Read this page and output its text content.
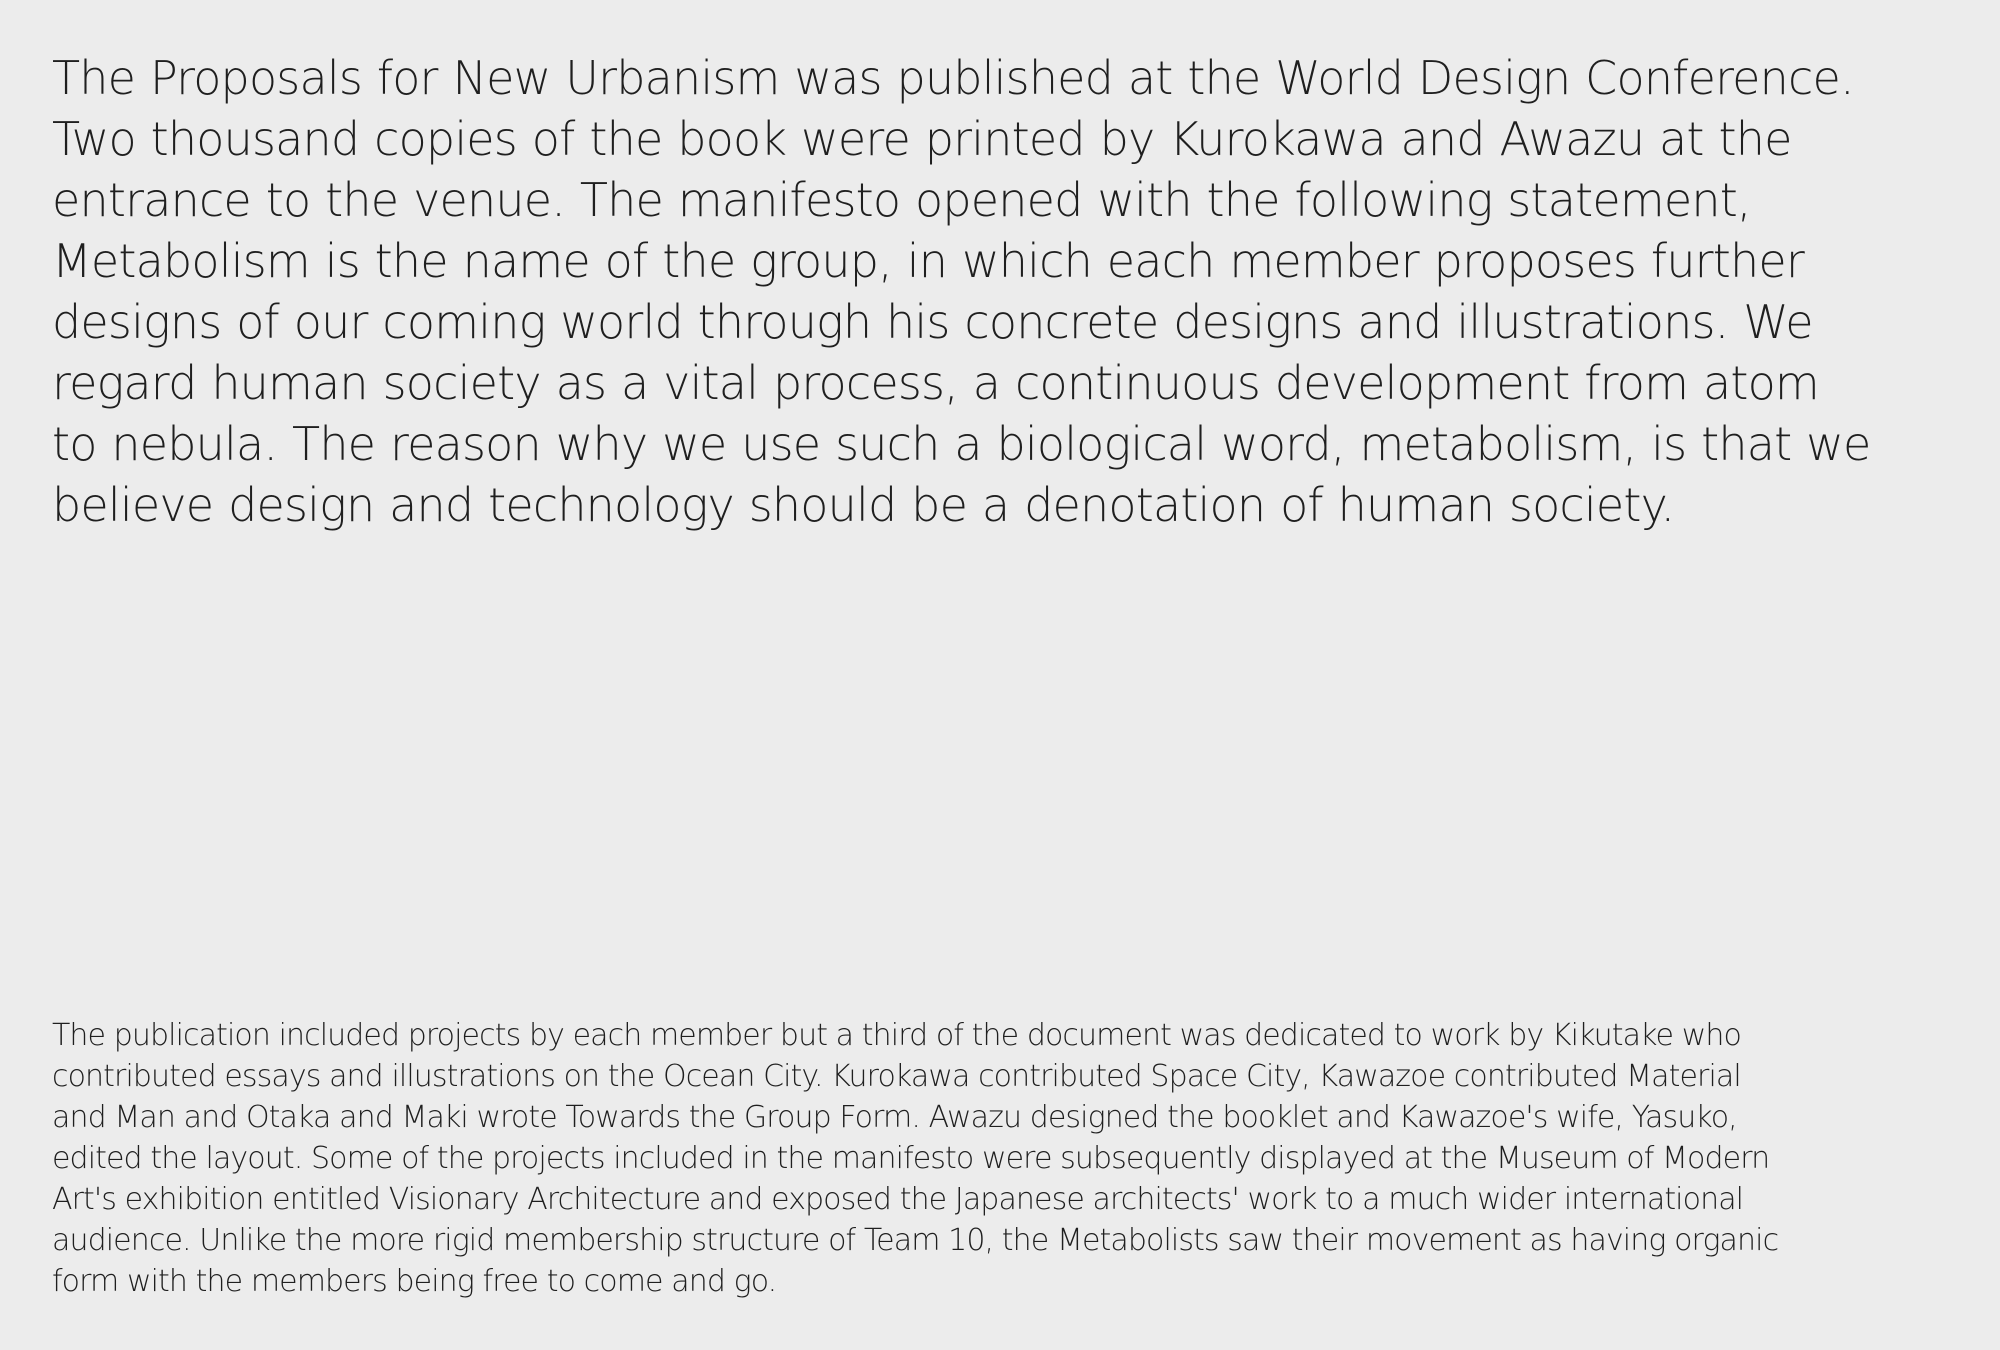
The Proposals for New Urbanism was published at the World Design Conference.
Two thousand copies of the book were printed by Kurokawa and Awazu at the
entrance to the venue. The manifesto opened with the following statement,
Metabolism is the name of the group, in which each member proposes further
designs of our coming world through his concrete designs and illustrations. We
regard human society as a vital process, a continuous development from atom
to nebula. The reason why we use such a biological word, metabolism, is that we
believe design and technology should be a denotation of human society.

The publication included projects by each member but a third of the document was dedicated to work by Kikutake who
contributed essays and illustrations on the Ocean City. Kurokawa contributed Space City, Kawazoe contributed Material
and Man and Otaka and Maki wrote Towards the Group Form. Awazu designed the booklet and Kawazoe's wife, Yasuko,
edited the layout. Some of the projects included in the manifesto were subsequently displayed at the Museum of Modern
Art's exhibition entitled Visionary Architecture and exposed the Japanese architects' work to a much wider international
audience. Unlike the more rigid membership structure of Team 10, the Metabolists saw their movement as having organic
form with the members being free to come and go.
